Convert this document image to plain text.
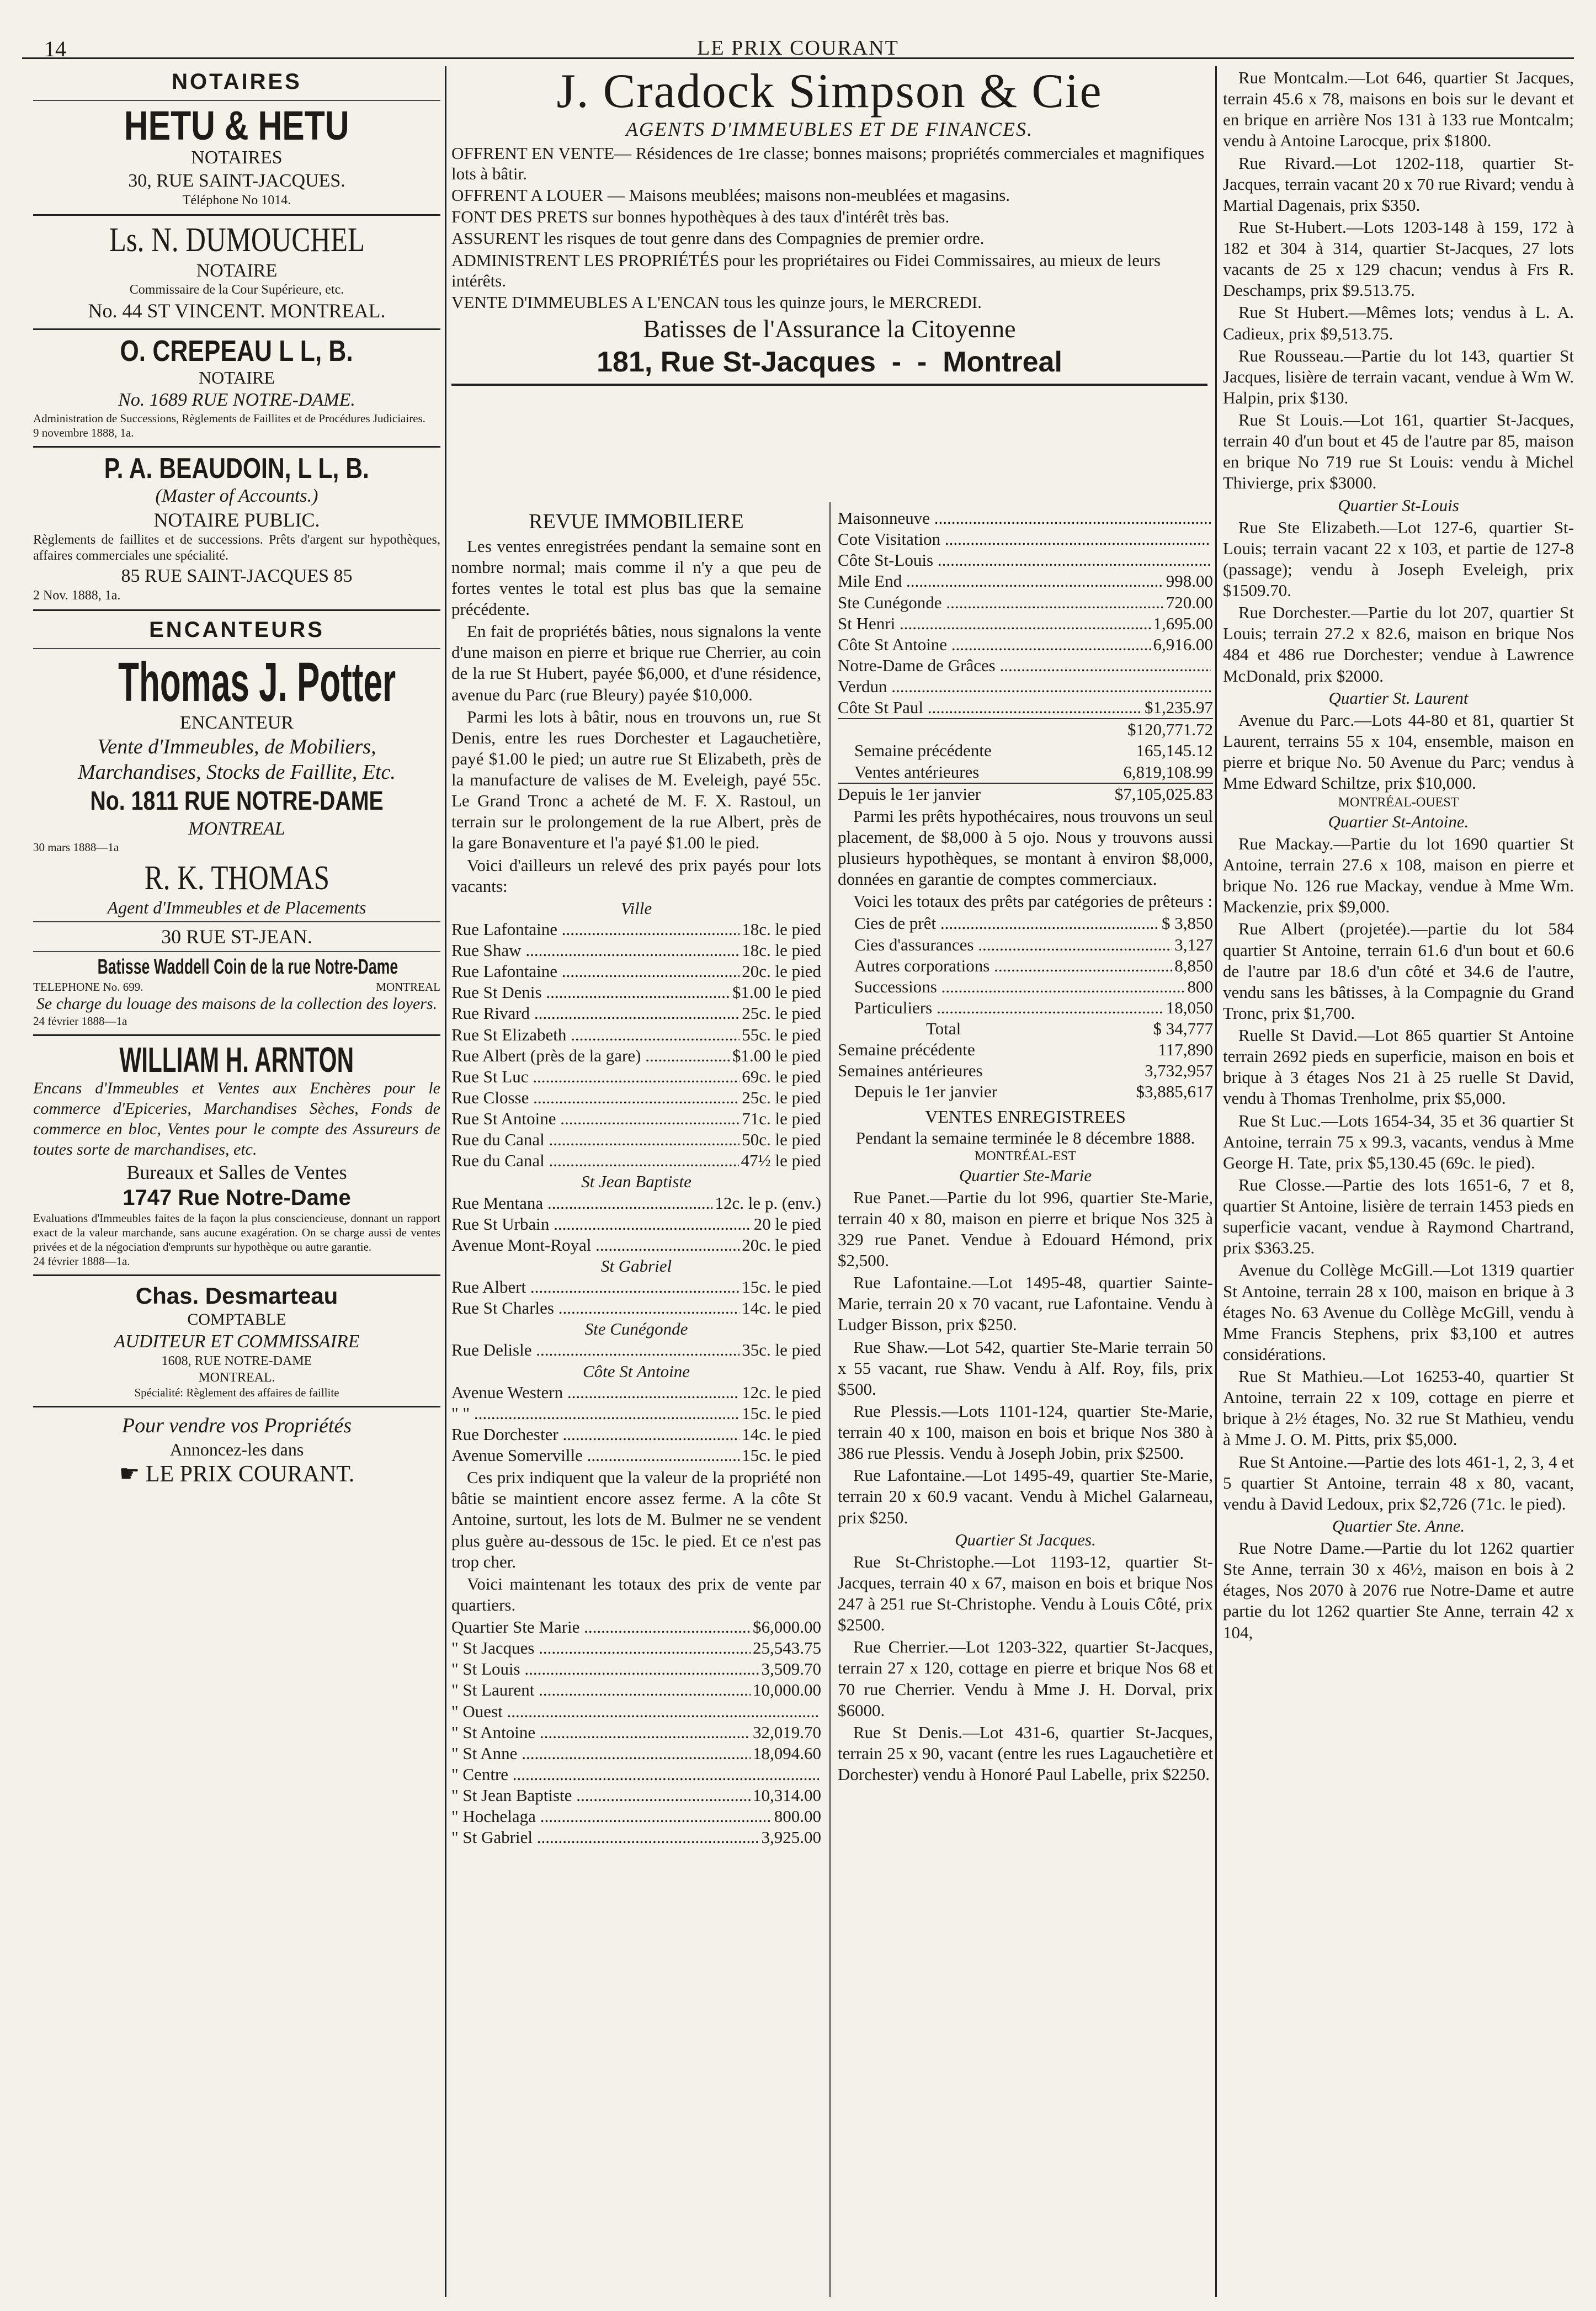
14	LE PRIX COURANT
NOTAIRES
HETU & HETU
NOTAIRES
30, RUE SAINT-JACQUES.
Téléphone No 1014.
Ls. N. DUMOUCHEL
NOTAIRE
Commissaire de la Cour Supérieure, etc.
No. 44 ST VINCENT. MONTREAL.
O. CREPEAU L L, B.
NOTAIRE
No. 1689 RUE NOTRE-DAME.
Administration de Successions, Règlements de Faillites et de Procédures Judiciaires.
9 novembre 1888, 1a.
P. A. BEAUDOIN, L L, B.
(Master of Accounts.)
NOTAIRE PUBLIC.
Règlements de faillites et de successions. Prêts d'argent sur hypothèques, affaires commerciales une spécialité.
85 RUE SAINT-JACQUES 85
2 Nov. 1888, 1a.
ENCANTEURS
Thomas J. Potter
ENCANTEUR
Vente d'Immeubles, de Mobiliers, Marchandises, Stocks de Faillite, Etc.
No. 1811 RUE NOTRE-DAME
MONTREAL
30 mars 1888—1a
R. K. THOMAS
Agent d'Immeubles et de Placements
30 RUE ST-JEAN.
Batisse Waddell Coin de la rue Notre-Dame
TELEPHONE No. 699.	MONTREAL
Se charge du louage des maisons de la collection des loyers.
24 février 1888—1a
WILLIAM H. ARNTON
Encans d'Immeubles et Ventes aux Enchères pour le commerce d'Epiceries, Marchandises Sèches, Fonds de commerce en bloc, Ventes pour le compte des Assureurs de toutes sorte de marchandises, etc.
Bureaux et Salles de Ventes
1747 Rue Notre-Dame
Evaluations d'Immeubles faites de la façon la plus consciencieuse, donnant un rapport exact de la valeur marchande, sans aucune exagération. On se charge aussi de ventes privées et de la négociation d'emprunts sur hypothèque ou autre garantie.
24 février 1888—1a.
Chas. Desmarteau
COMPTABLE
AUDITEUR ET COMMISSAIRE
1608, RUE NOTRE-DAME
MONTREAL.
Spécialité: Règlement des affaires de faillite
Pour vendre vos Propriétés
Annoncez-les dans
☛ LE PRIX COURANT.
J. Cradock Simpson & Cie
AGENTS D'IMMEUBLES ET DE FINANCES.

OFFRENT EN VENTE— Résidences de 1re classe; bonnes maisons; propriétés commerciales et magnifiques lots à bâtir.

OFFRENT A LOUER — Maisons meublées; maisons non-meublées et magasins.

FONT DES PRETS sur bonnes hypothèques à des taux d'intérêt très bas.

ASSURENT les risques de tout genre dans des Compagnies de premier ordre.

ADMINISTRENT LES PROPRIÉTÉS pour les propriétaires ou Fidei Commissaires, au mieux de leurs intérêts.

VENTE D'IMMEUBLES A L'ENCAN tous les quinze jours, le MERCREDI.

Batisses de l'Assurance la Citoyenne
181, Rue St-Jacques  -  -  Montreal
REVUE IMMOBILIERE

Les ventes enregistrées pendant la semaine sont en nombre normal; mais comme il n'y a que peu de fortes ventes le total est plus bas que la semaine précédente.

En fait de propriétés bâties, nous signalons la vente d'une maison en pierre et brique rue Cherrier, au coin de la rue St Hubert, payée $6,000, et d'une résidence, avenue du Parc (rue Bleury) payée $10,000.

Parmi les lots à bâtir, nous en trouvons un, rue St Denis, entre les rues Dorchester et Lagauchetière, payé $1.00 le pied; un autre rue St Elizabeth, près de la manufacture de valises de M. Eveleigh, payé 55c. Le Grand Tronc a acheté de M. F. X. Rastoul, un terrain sur le prolongement de la rue Albert, près de la gare Bonaventure et l'a payé $1.00 le pied.

Voici d'ailleurs un relevé des prix payés pour lots vacants:

Ville
Rue Lafontaine .....	18c. le pied
Rue Shaw .....	18c. le pied
Rue Lafontaine .....	20c. le pied
Rue St Denis .....	$1.00 le pied
Rue Rivard .....	25c. le pied
Rue St Elizabeth .....	55c. le pied
Rue Albert (près de la gare) .....	$1.00 le pied
Rue St Luc .....	69c. le pied
Rue Closse .....	25c. le pied
Rue St Antoine .....	71c. le pied
Rue du Canal .....	50c. le pied
Rue du Canal .....	47½ le pied
St Jean Baptiste
Rue Mentana .....	12c. le p. (env.)
Rue St Urbain .....	20 le pied
Avenue Mont-Royal .....	20c. le pied
St Gabriel
Rue Albert .....	15c. le pied
Rue St Charles .....	14c. le pied
Ste Cunégonde
Rue Delisle .....	35c. le pied
Côte St Antoine
Avenue Western .....	12c. le pied
" " .....	15c. le pied
Rue Dorchester .....	14c. le pied
Avenue Somerville .....	15c. le pied

Ces prix indiquent que la valeur de la propriété non bâtie se maintient encore assez ferme. A la côte St Antoine, surtout, les lots de M. Bulmer ne se vendent plus guère au-dessous de 15c. le pied. Et ce n'est pas trop cher.

Voici maintenant les totaux des prix de vente par quartiers.

Quartier Ste Marie .....	$6,000.00
" St Jacques .....	25,543.75
" St Louis .....	3,509.70
" St Laurent .....	10,000.00
" Ouest .....
" St Antoine .....	32,019.70
" St Anne .....	18,094.60
" Centre .....
" St Jean Baptiste .....	10,314.00
" Hochelaga .....	800.00
" St Gabriel .....	3,925.00
Maisonneuve .....
Cote Visitation .....
Côte St-Louis .....
Mile End .....	998.00
Ste Cunégonde .....	720.00
St Henri .....	1,695.00
Côte St Antoine .....	6,916.00
Notre-Dame de Grâces .....
Verdun .....
Côte St Paul .....	$1,235.97
$120,771.72
Semaine précédente	165,145.12
Ventes antérieures	6,819,108.99
Depuis le 1er janvier	$7,105,025.83

Parmi les prêts hypothécaires, nous trouvons un seul placement, de $8,000 à 5 ojo. Nous y trouvons aussi plusieurs hypothèques, se montant à environ $8,000, données en garantie de comptes commerciaux.

Voici les totaux des prêts par catégories de prêteurs :

Cies de prêt .....	$ 3,850
Cies d'assurances .....	3,127
Autres corporations .....	8,850
Successions .....	800
Particuliers .....	18,050
Total	$ 34,777
Semaine précédente	117,890
Semaines antérieures	3,732,957
Depuis le 1er janvier	$3,885,617
VENTES ENREGISTREES
Pendant la semaine terminée le 8 décembre 1888.
MONTRÉAL-EST
Quartier Ste-Marie

Rue Panet.—Partie du lot 996, quartier Ste-Marie, terrain 40 x 80, maison en pierre et brique Nos 325 à 329 rue Panet. Vendue à Edouard Hémond, prix $2,500.

Rue Lafontaine.—Lot 1495-48, quartier Sainte-Marie, terrain 20 x 70 vacant, rue Lafontaine. Vendu à Ludger Bisson, prix $250.

Rue Shaw.—Lot 542, quartier Ste-Marie terrain 50 x 55 vacant, rue Shaw. Vendu à Alf. Roy, fils, prix $500.

Rue Plessis.—Lots 1101-124, quartier Ste-Marie, terrain 40 x 100, maison en bois et brique Nos 380 à 386 rue Plessis. Vendu à Joseph Jobin, prix $2500.

Rue Lafontaine.—Lot 1495-49, quartier Ste-Marie, terrain 20 x 60.9 vacant. Vendu à Michel Galarneau, prix $250.

Quartier St Jacques.

Rue St-Christophe.—Lot 1193-12, quartier St-Jacques, terrain 40 x 67, maison en bois et brique Nos 247 à 251 rue St-Christophe. Vendu à Louis Côté, prix $2500.

Rue Cherrier.—Lot 1203-322, quartier St-Jacques, terrain 27 x 120, cottage en pierre et brique Nos 68 et 70 rue Cherrier. Vendu à Mme J. H. Dorval, prix $6000.

Rue St Denis.—Lot 431-6, quartier St-Jacques, terrain 25 x 90, vacant (entre les rues Lagauchetière et Dorchester) vendu à Honoré Paul Labelle, prix $2250.

Rue Montcalm.—Lot 646, quartier St Jacques, terrain 45.6 x 78, maisons en bois sur le devant et en brique en arrière Nos 131 à 133 rue Montcalm; vendu à Antoine Larocque, prix $1800.

Rue Rivard.—Lot 1202-118, quartier St-Jacques, terrain vacant 20 x 70 rue Rivard; vendu à Martial Dagenais, prix $350.

Rue St-Hubert.—Lots 1203-148 à 159, 172 à 182 et 304 à 314, quartier St-Jacques, 27 lots vacants de 25 x 129 chacun; vendus à Frs R. Deschamps, prix $9.513.75.

Rue St Hubert.—Mêmes lots; vendus à L. A. Cadieux, prix $9,513.75.

Rue Rousseau.—Partie du lot 143, quartier St Jacques, lisière de terrain vacant, vendue à Wm W. Halpin, prix $130.

Rue St Louis.—Lot 161, quartier St-Jacques, terrain 40 d'un bout et 45 de l'autre par 85, maison en brique No 719 rue St Louis: vendu à Michel Thivierge, prix $3000.

Quartier St-Louis

Rue Ste Elizabeth.—Lot 127-6, quartier St-Louis; terrain vacant 22 x 103, et partie de 127-8 (passage); vendu à Joseph Eveleigh, prix $1509.70.

Rue Dorchester.—Partie du lot 207, quartier St Louis; terrain 27.2 x 82.6, maison en brique Nos 484 et 486 rue Dorchester; vendue à Lawrence McDonald, prix $2000.

Quartier St. Laurent

Avenue du Parc.—Lots 44-80 et 81, quartier St Laurent, terrains 55 x 104, ensemble, maison en pierre et brique No. 50 Avenue du Parc; vendus à Mme Edward Schiltze, prix $10,000.

MONTRÉAL-OUEST
Quartier St-Antoine.

Rue Mackay.—Partie du lot 1690 quartier St Antoine, terrain 27.6 x 108, maison en pierre et brique No. 126 rue Mackay, vendue à Mme Wm. Mackenzie, prix $9,000.

Rue Albert (projetée).—partie du lot 584 quartier St Antoine, terrain 61.6 d'un bout et 60.6 de l'autre par 18.6 d'un côté et 34.6 de l'autre, vendu sans les bâtisses, à la Compagnie du Grand Tronc, prix $1,700.

Ruelle St David.—Lot 865 quartier St Antoine terrain 2692 pieds en superficie, maison en bois et brique à 3 étages Nos 21 à 25 ruelle St David, vendu à Thomas Trenholme, prix $5,000.

Rue St Luc.—Lots 1654-34, 35 et 36 quartier St Antoine, terrain 75 x 99.3, vacants, vendus à Mme George H. Tate, prix $5,130.45 (69c. le pied).

Rue Closse.—Partie des lots 1651-6, 7 et 8, quartier St Antoine, lisière de terrain 1453 pieds en superficie vacant, vendue à Raymond Chartrand, prix $363.25.

Avenue du Collège McGill.—Lot 1319 quartier St Antoine, terrain 28 x 100, maison en brique à 3 étages No. 63 Avenue du Collège McGill, vendu à Mme Francis Stephens, prix $3,100 et autres considérations.

Rue St Mathieu.—Lot 16253-40, quartier St Antoine, terrain 22 x 109, cottage en pierre et brique à 2½ étages, No. 32 rue St Mathieu, vendu à Mme J. O. M. Pitts, prix $5,000.

Rue St Antoine.—Partie des lots 461-1, 2, 3, 4 et 5 quartier St Antoine, terrain 48 x 80, vacant, vendu à David Ledoux, prix $2,726 (71c. le pied).

Quartier Ste. Anne.

Rue Notre Dame.—Partie du lot 1262 quartier Ste Anne, terrain 30 x 46½, maison en bois à 2 étages, Nos 2070 à 2076 rue Notre-Dame et autre partie du lot 1262 quartier Ste Anne, terrain 42 x 104,
